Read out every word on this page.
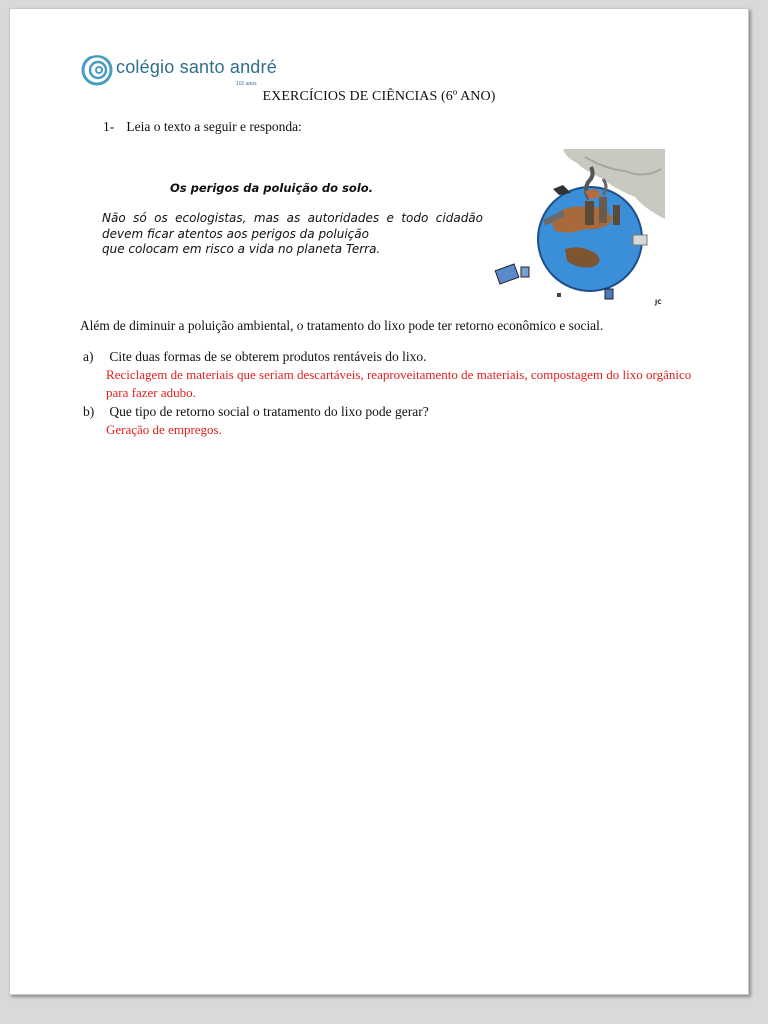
colégio santo andré
101 anos
EXERCÍCIOS DE CIÊNCIAS (6º ANO)
1- Leia o texto a seguir e responda:
Os perigos da poluição do solo.
Não só os ecologistas, mas as autoridades e todo cidadão devem ficar atentos aos perigos da poluição
que colocam em risco a vida no planeta Terra.
JC
Além de diminuir a poluição ambiental, o tratamento do lixo pode ter retorno econômico e social.
a) Cite duas formas de se obterem produtos rentáveis do lixo.
Reciclagem de materiais que seriam descartáveis, reaproveitamento de materiais, compostagem do lixo orgânico para fazer adubo.
b) Que tipo de retorno social o tratamento do lixo pode gerar?
Geração de empregos.
